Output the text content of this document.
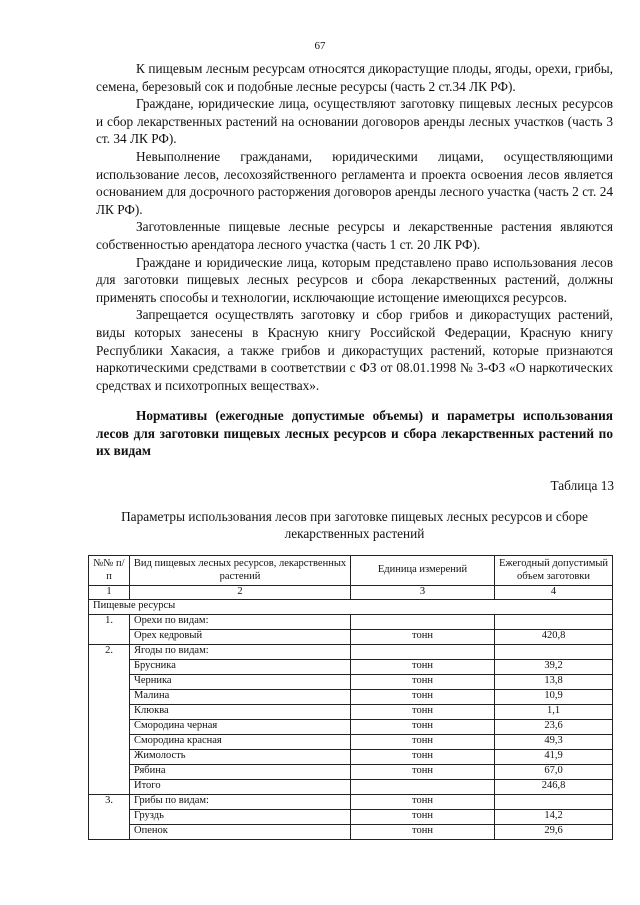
67

К пищевым лесным ресурсам относятся дикорастущие плоды, ягоды, орехи, грибы, семена, березовый сок и подобные лесные ресурсы (часть 2 ст.34 ЛК РФ).

Граждане, юридические лица, осуществляют заготовку пищевых лесных ресурсов и сбор лекарственных растений на основании договоров аренды лесных участков (часть 3 ст. 34 ЛК РФ).

Невыполнение гражданами, юридическими лицами, осуществляющими использование лесов, лесохозяйственного регламента и проекта освоения лесов является основанием для досрочного расторжения договоров аренды лесного участка (часть 2 ст. 24 ЛК РФ).

Заготовленные пищевые лесные ресурсы и лекарственные растения являются собственностью арендатора лесного участка (часть 1 ст. 20 ЛК РФ).

Граждане и юридические лица, которым представлено право использования лесов для заготовки пищевых лесных ресурсов и сбора лекарственных растений, должны применять способы и технологии, исключающие истощение имеющихся ресурсов.

Запрещается осуществлять заготовку и сбор грибов и дикорастущих растений, виды которых занесены в Красную книгу Российской Федерации, Красную книгу Республики Хакасия, а также грибов и дикорастущих растений, которые признаются наркотическими средствами в соответствии с ФЗ от 08.01.1998 № 3-ФЗ «О наркотических средствах и психотропных веществах».

Нормативы (ежегодные допустимые объемы) и параметры использования лесов для заготовки пищевых лесных ресурсов и сбора лекарственных растений по их видам

Таблица 13

Параметры использования лесов при заготовке пищевых лесных ресурсов и сборе лекарственных растений

№№ п/п	Вид пищевых лесных ресурсов, лекарственных растений	Единица измерений	Ежегодный допустимый объем заготовки
1	2	3	4
Пищевые ресурсы			
1.	Орехи по видам:		
	Орех кедровый	тонн	420,8
2.	Ягоды по видам:		
	Брусника	тонн	39,2
	Черника	тонн	13,8
	Малина	тонн	10,9
	Клюква	тонн	1,1
	Смородина черная	тонн	23,6
	Смородина красная	тонн	49,3
	Жимолость	тонн	41,9
	Рябина	тонн	67,0
	Итого		246,8
3.	Грибы по видам:	тонн	
	Груздь	тонн	14,2
	Опенок	тонн	29,6
